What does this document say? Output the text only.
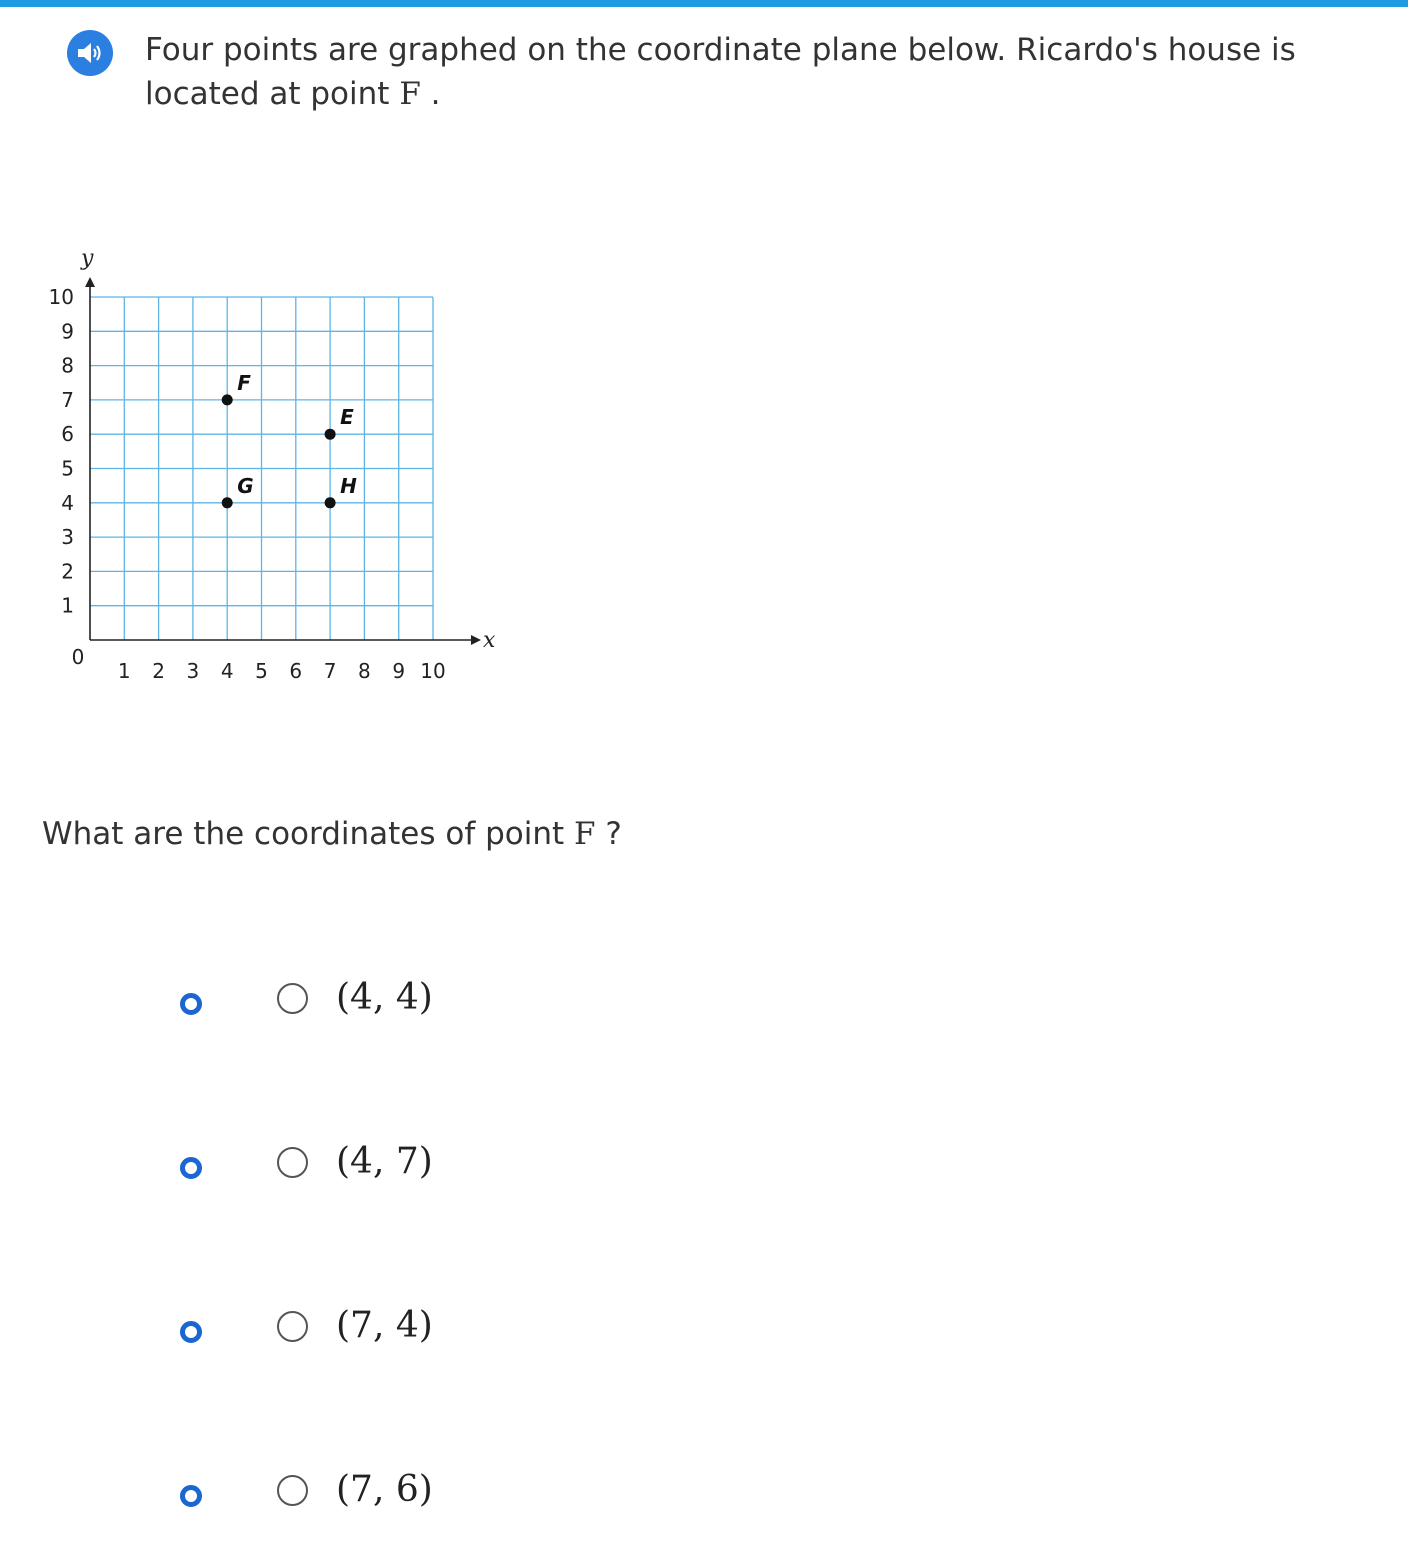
Four points are graphed on the coordinate plane below. Ricardo's house is located at point F .
x
y
0
1 2 3 4 5 6 7 8 9 10
10
9
8
7
6
5
4
3
2
1
F
E
G	H
What are the coordinates of point F ?
(4, 4)
(4, 7)
(7, 4)
(7, 6)
